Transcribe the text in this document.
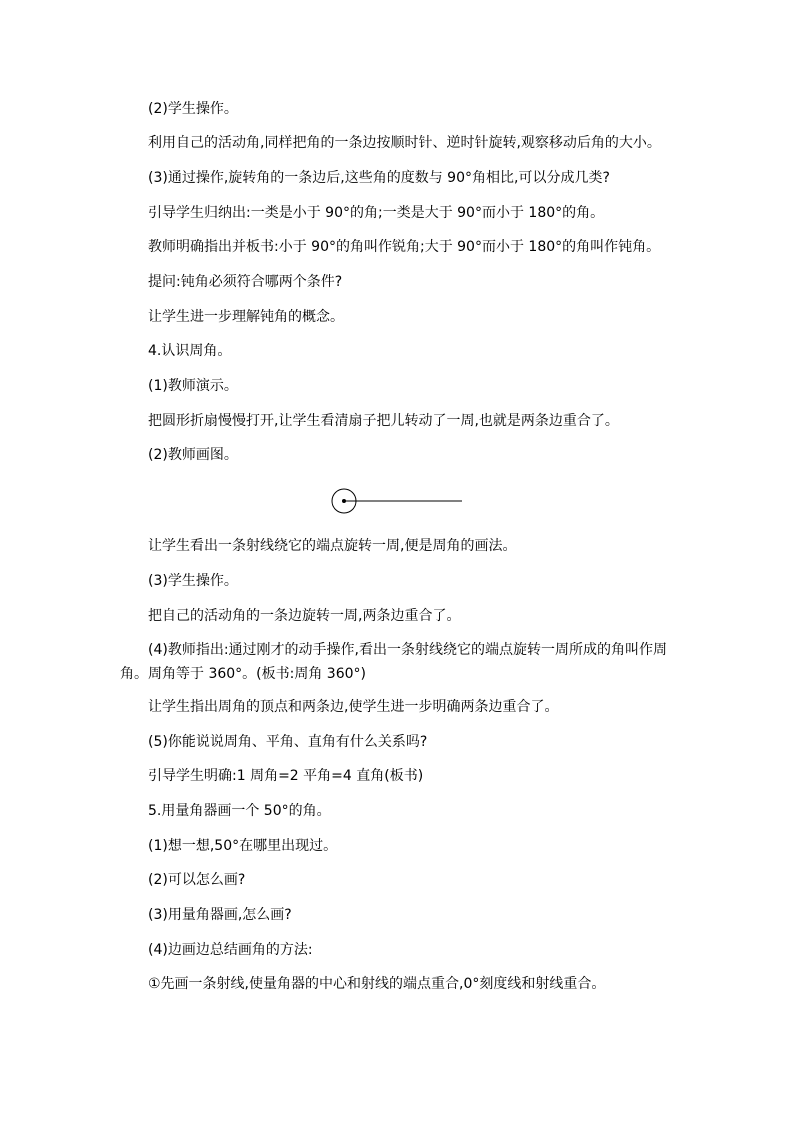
(2)学生操作。
利用自己的活动角,同样把角的一条边按顺时针、逆时针旋转,观察移动后角的大小。
(3)通过操作,旋转角的一条边后,这些角的度数与 90°角相比,可以分成几类?
引导学生归纳出:一类是小于 90°的角;一类是大于 90°而小于 180°的角。
教师明确指出并板书:小于 90°的角叫作锐角;大于 90°而小于 180°的角叫作钝角。
提问:钝角必须符合哪两个条件?
让学生进一步理解钝角的概念。
4.认识周角。
(1)教师演示。
把圆形折扇慢慢打开,让学生看清扇子把儿转动了一周,也就是两条边重合了。
(2)教师画图。
让学生看出一条射线绕它的端点旋转一周,便是周角的画法。
(3)学生操作。
把自己的活动角的一条边旋转一周,两条边重合了。
(4)教师指出:通过刚才的动手操作,看出一条射线绕它的端点旋转一周所成的角叫作周角。周角等于 360°。(板书:周角 360°)
让学生指出周角的顶点和两条边,使学生进一步明确两条边重合了。
(5)你能说说周角、平角、直角有什么关系吗?
引导学生明确:1 周角=2 平角=4 直角(板书)
5.用量角器画一个 50°的角。
(1)想一想,50°在哪里出现过。
(2)可以怎么画?
(3)用量角器画,怎么画?
(4)边画边总结画角的方法:
①先画一条射线,使量角器的中心和射线的端点重合,0°刻度线和射线重合。
